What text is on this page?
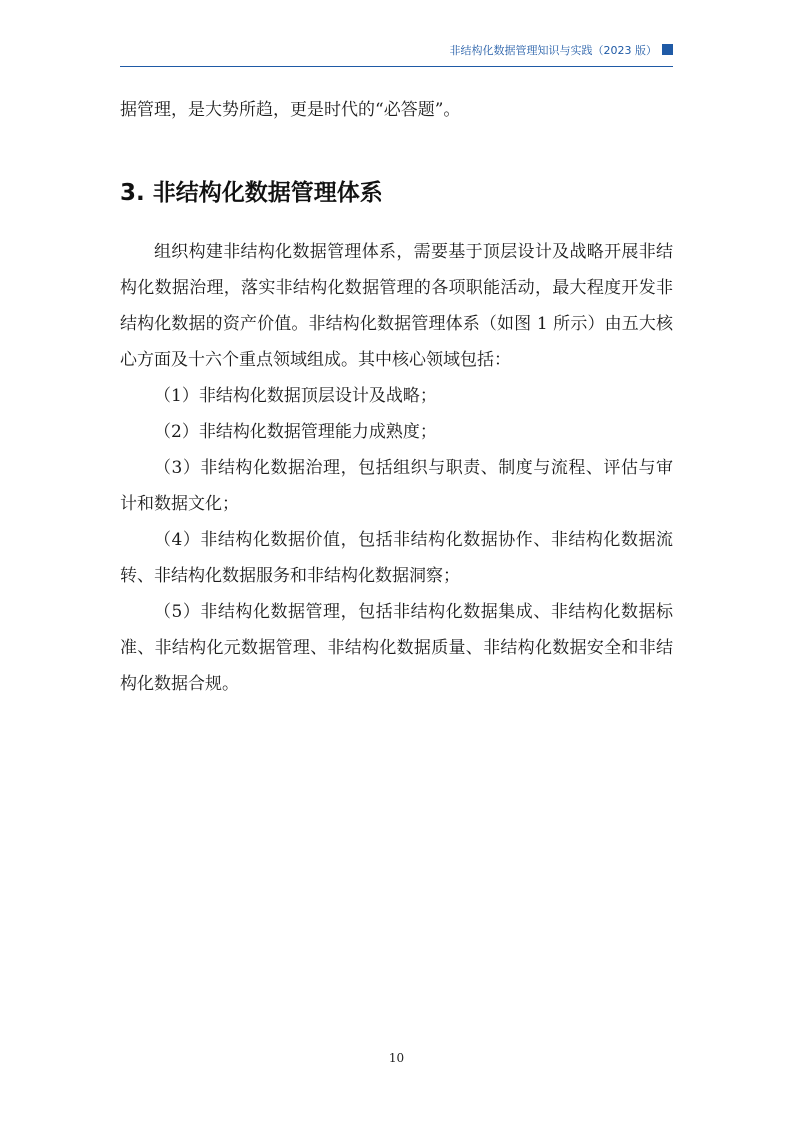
非结构化数据管理知识与实践（2023 版）

据管理，是大势所趋，更是时代的“必答题”。

3. 非结构化数据管理体系

组织构建非结构化数据管理体系，需要基于顶层设计及战略开展非结构化数据治理，落实非结构化数据管理的各项职能活动，最大程度开发非结构化数据的资产价值。非结构化数据管理体系（如图 1 所示）由五大核心方面及十六个重点领域组成。其中核心领域包括：

（1）非结构化数据顶层设计及战略；

（2）非结构化数据管理能力成熟度；

（3）非结构化数据治理，包括组织与职责、制度与流程、评估与审计和数据文化；

（4）非结构化数据价值，包括非结构化数据协作、非结构化数据流转、非结构化数据服务和非结构化数据洞察；

（5）非结构化数据管理，包括非结构化数据集成、非结构化数据标准、非结构化元数据管理、非结构化数据质量、非结构化数据安全和非结构化数据合规。

10
